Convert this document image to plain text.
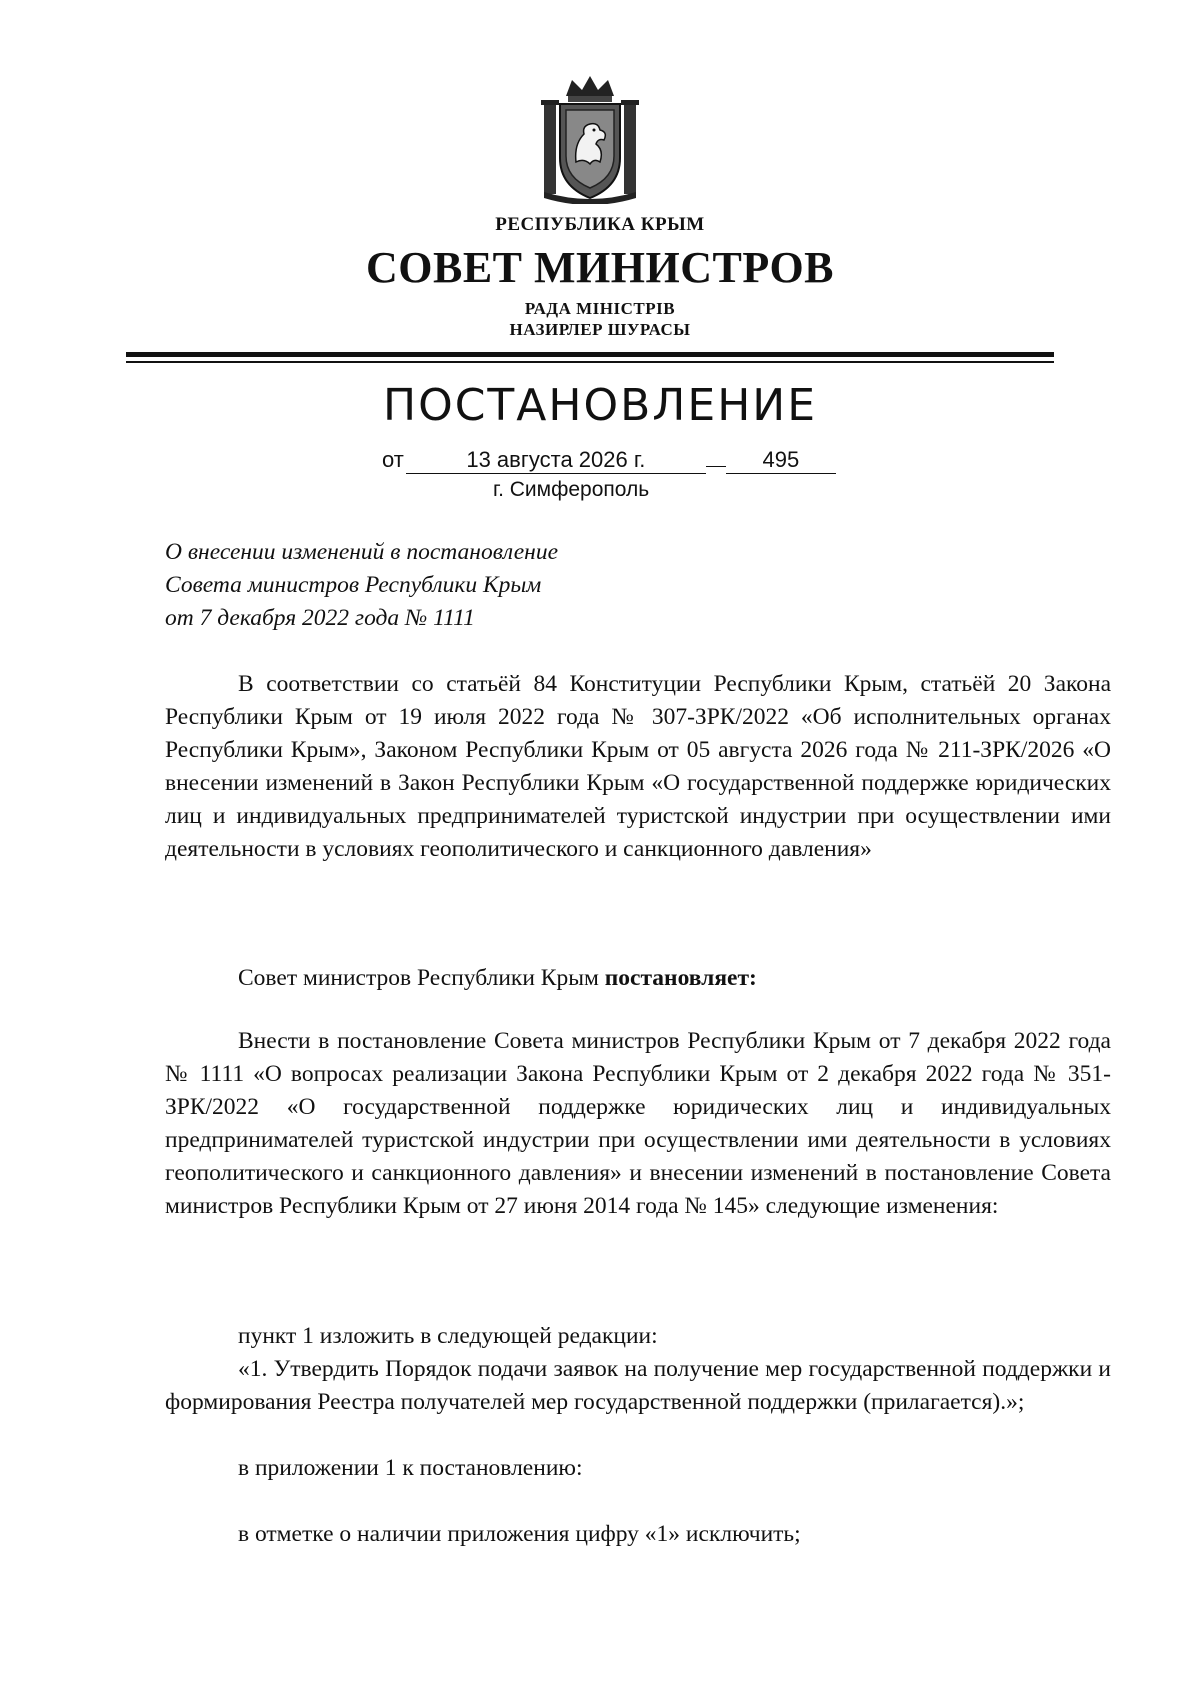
РЕСПУБЛИКА КРЫМ
СОВЕТ МИНИСТРОВ
РАДА МІНІСТРІВ
НАЗИРЛЕР ШУРАСЫ
ПОСТАНОВЛЕНИЕ
от	13 августа 2026 г.	495
г. Симферополь
О внесении изменений в постановление
Совета министров Республики Крым
от 7 декабря 2022 года № 1111
В соответствии со статьёй 84 Конституции Республики Крым, статьёй 20 Закона Республики Крым от 19 июля 2022 года № 307-ЗРК/2022 «Об исполнительных органах Республики Крым», Законом Республики Крым от 05 августа 2026 года № 211-ЗРК/2026 «О внесении изменений в Закон Республики Крым «О государственной поддержке юридических лиц и индивидуальных предпринимателей туристской индустрии при осуществлении ими деятельности в условиях геополитического и санкционного давления»
Совет министров Республики Крым постановляет:
Внести в постановление Совета министров Республики Крым от 7 декабря 2022 года № 1111 «О вопросах реализации Закона Республики Крым от 2 декабря 2022 года № 351-ЗРК/2022 «О государственной поддержке юридических лиц и индивидуальных предпринимателей туристской индустрии при осуществлении ими деятельности в условиях геополитического и санкционного давления» и внесении изменений в постановление Совета министров Республики Крым от 27 июня 2014 года № 145» следующие изменения:
пункт 1 изложить в следующей редакции:
«1. Утвердить Порядок подачи заявок на получение мер государственной поддержки и формирования Реестра получателей мер государственной поддержки (прилагается).»;
в приложении 1 к постановлению:
в отметке о наличии приложения цифру «1» исключить;
